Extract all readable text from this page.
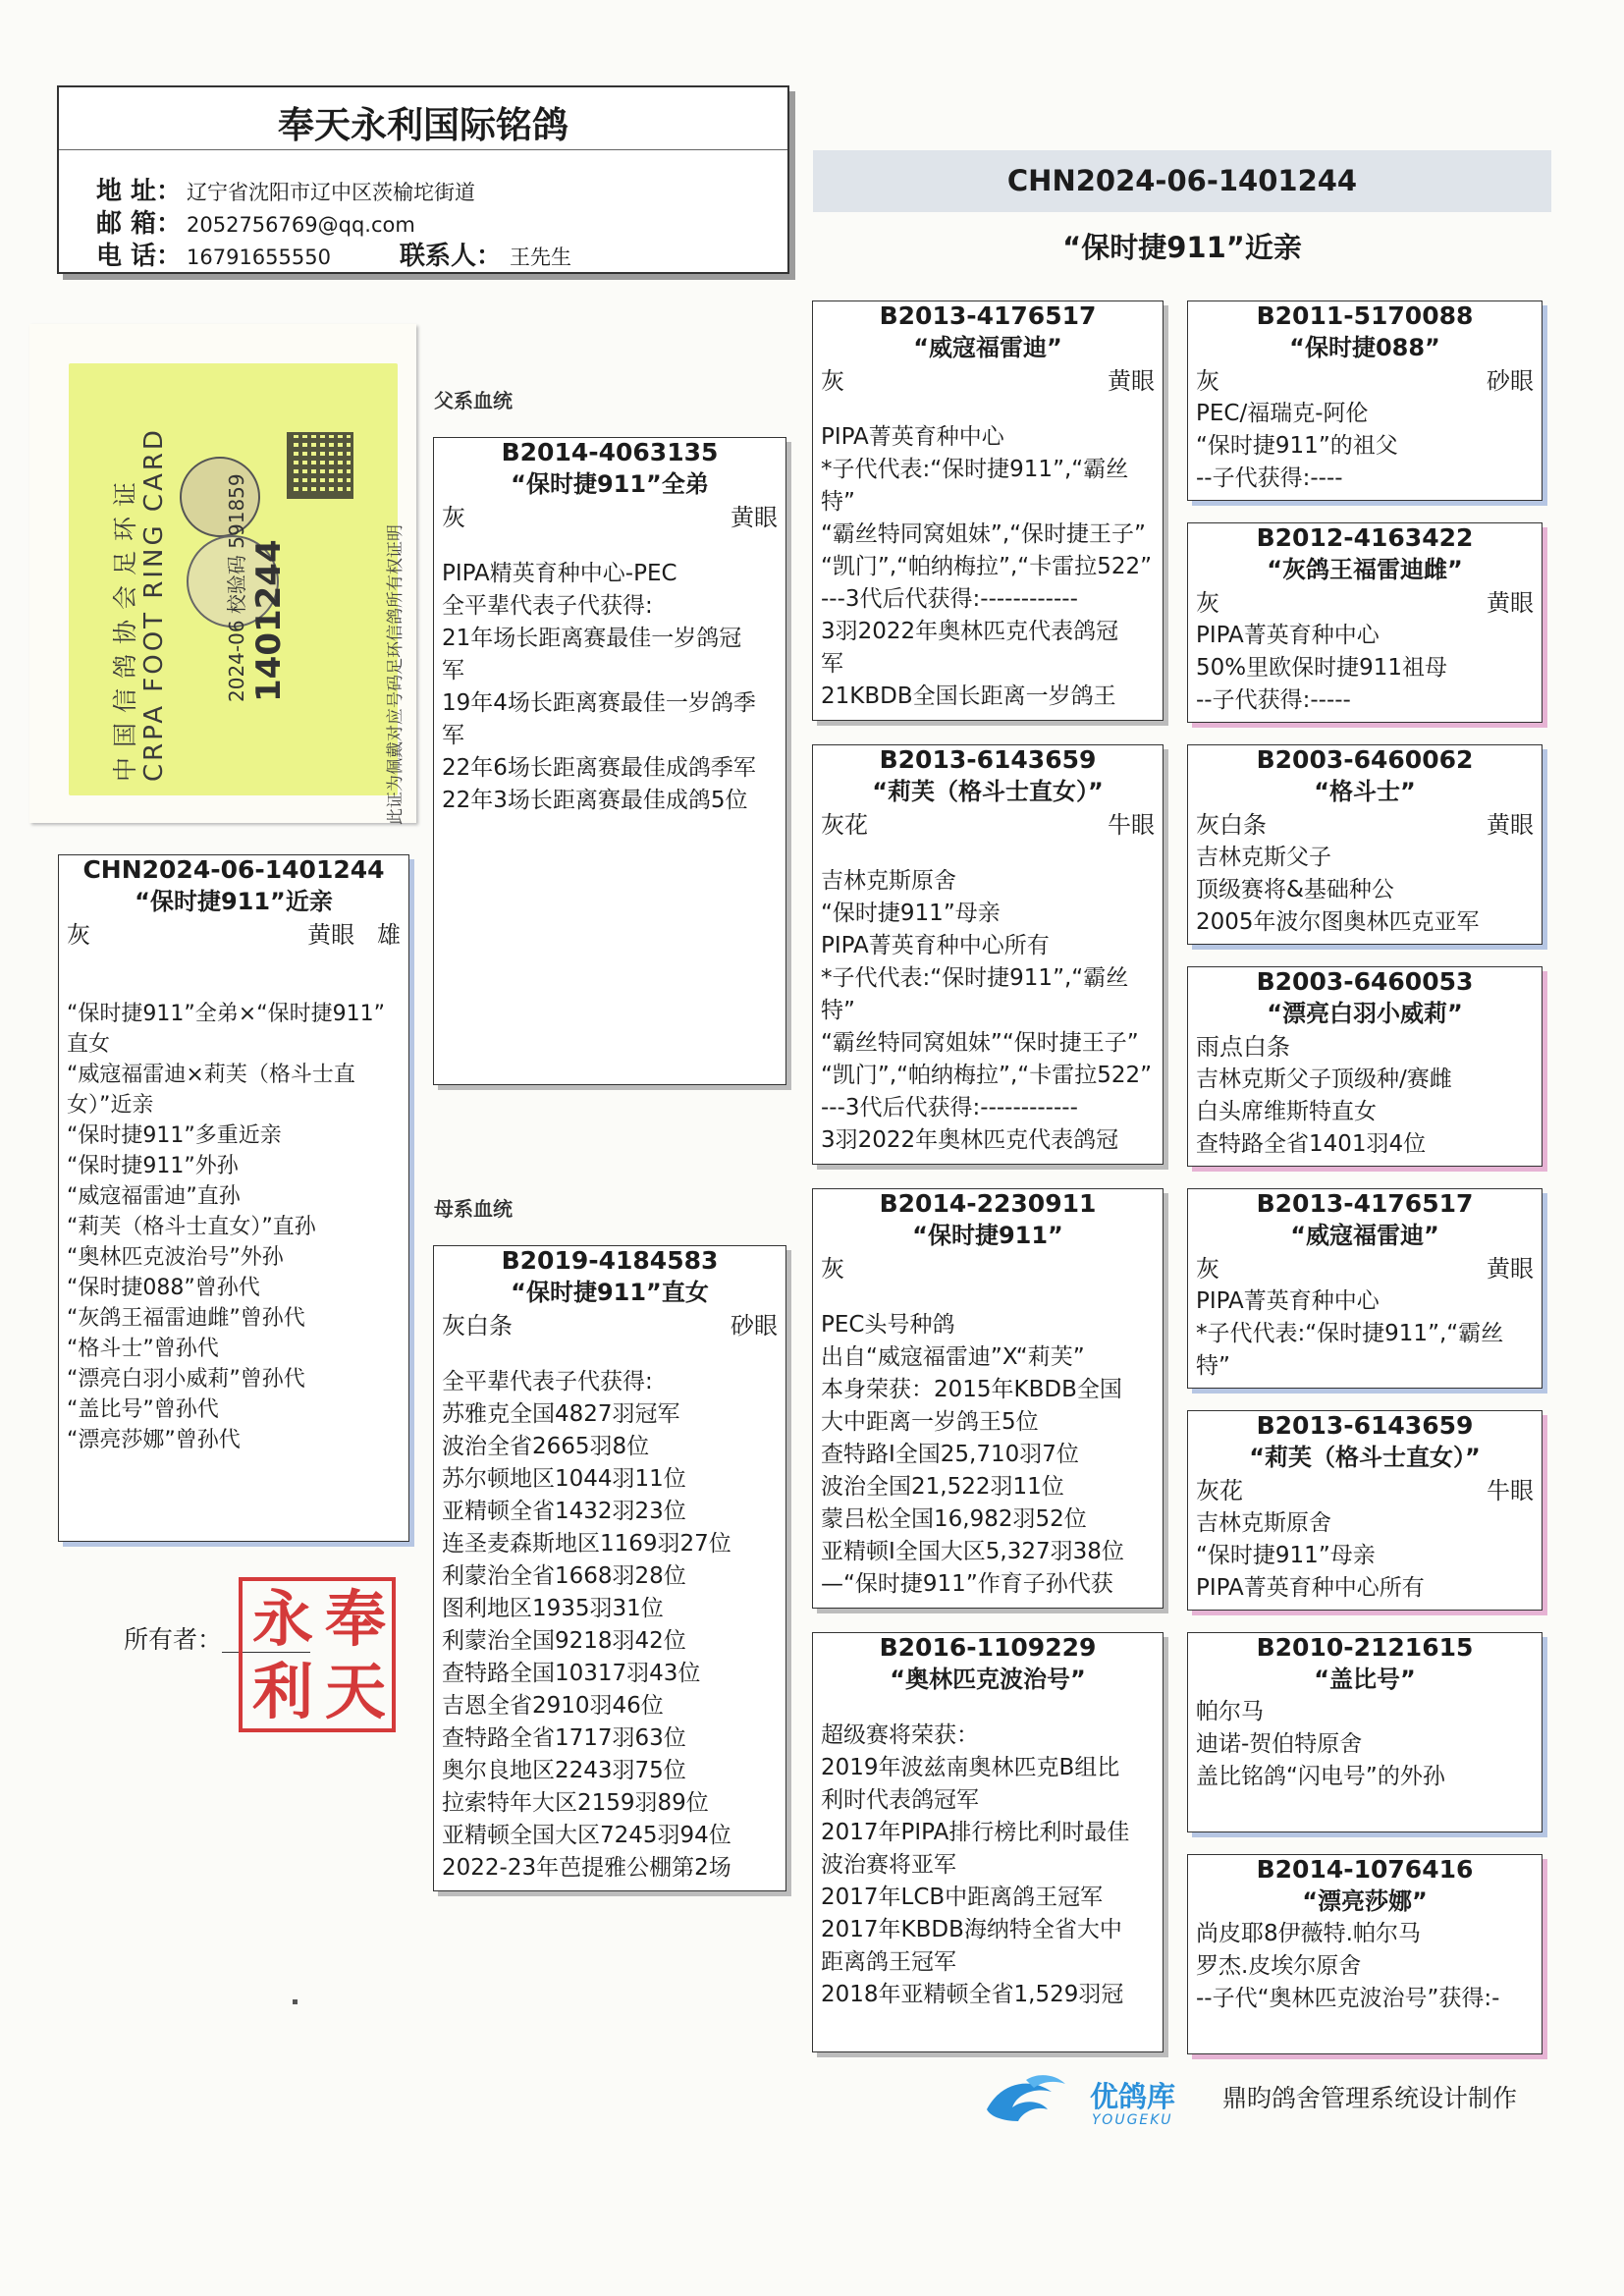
奉天永利国际铭鸽
地 址： 辽宁省沈阳市辽中区茨榆坨街道
邮 箱： 2052756769@qq.com
电 话： 16791655550	联系人： 王先生
CHN2024-06-1401244
“保时捷911”近亲
中国信鸽协会足环证 CRPA FOOT RING CARD	2024-06 校验码 591859 1401244	此证为佩戴对应号码足环信鸽所有权证明
父系血统
母系血统
CHN2024-06-1401244
“保时捷911”近亲
灰	黄眼 雄
“保时捷911”全弟×“保时捷911”
直女
“威寇福雷迪×莉芙（格斗士直
女）”近亲
“保时捷911”多重近亲
“保时捷911”外孙
“威寇福雷迪”直孙
“莉芙（格斗士直女）”直孙
“奥林匹克波治号”外孙
“保时捷088”曾孙代
“灰鸽王福雷迪雌”曾孙代
“格斗士”曾孙代
“漂亮白羽小威莉”曾孙代
“盖比号”曾孙代
“漂亮莎娜”曾孙代
B2014-4063135
“保时捷911”全弟
灰	黄眼
PIPA精英育种中心-PEC
全平辈代表子代获得:
21年场长距离赛最佳一岁鸽冠
军
19年4场长距离赛最佳一岁鸽季
军
22年6场长距离赛最佳成鸽季军
22年3场长距离赛最佳成鸽5位
B2019-4184583
“保时捷911”直女
灰白条	砂眼
全平辈代表子代获得:
苏雅克全国4827羽冠军
波治全省2665羽8位
苏尔顿地区1044羽11位
亚精顿全省1432羽23位
连圣麦森斯地区1169羽27位
利蒙治全省1668羽28位
图利地区1935羽31位
利蒙治全国9218羽42位
查特路全国10317羽43位
吉恩全省2910羽46位
查特路全省1717羽63位
奥尔良地区2243羽75位
拉索特年大区2159羽89位
亚精顿全国大区7245羽94位
2022-23年芭提雅公棚第2场
B2013-4176517
“威寇福雷迪”
灰	黄眼
PIPA菁英育种中心
*子代代表:“保时捷911”,“霸丝
特”
“霸丝特同窝姐妹”,“保时捷王子”
“凯门”,“帕纳梅拉”,“卡雷拉522”
---3代后代获得:------------
3羽2022年奥林匹克代表鸽冠
军
21KBDB全国长距离一岁鸽王
B2013-6143659
“莉芙（格斗士直女）”
灰花	牛眼
吉林克斯原舍
“保时捷911”母亲
PIPA菁英育种中心所有
*子代代表:“保时捷911”,“霸丝
特”
“霸丝特同窝姐妹”“保时捷王子”
“凯门”,“帕纳梅拉”,“卡雷拉522”
---3代后代获得:------------
3羽2022年奥林匹克代表鸽冠
B2014-2230911
“保时捷911”
灰
PEC头号种鸽
出自“威寇福雷迪”X“莉芙”
本身荣获：2015年KBDB全国
大中距离一岁鸽王5位
查特路I全国25,710羽7位
波治全国21,522羽11位
蒙吕松全国16,982羽52位
亚精顿I全国大区5,327羽38位
—“保时捷911”作育子孙代获
B2016-1109229
“奥林匹克波治号”
超级赛将荣获：
2019年波兹南奥林匹克B组比
利时代表鸽冠军
2017年PIPA排行榜比利时最佳
波治赛将亚军
2017年LCB中距离鸽王冠军
2017年KBDB海纳特全省大中
距离鸽王冠军
2018年亚精顿全省1,529羽冠
B2011-5170088
“保时捷088”
灰	砂眼
PEC/福瑞克-阿伦
“保时捷911”的祖父
--子代获得:----
B2012-4163422
“灰鸽王福雷迪雌”
灰	黄眼
PIPA菁英育种中心
50%里欧保时捷911祖母
--子代获得:-----
B2003-6460062
“格斗士”
灰白条	黄眼
吉林克斯父子
顶级赛将&基础种公
2005年波尔图奥林匹克亚军
B2003-6460053
“漂亮白羽小威莉”
雨点白条
吉林克斯父子顶级种/赛雌
白头席维斯特直女
查特路全省1401羽4位
B2013-4176517
“威寇福雷迪”
灰	黄眼
PIPA菁英育种中心
*子代代表:“保时捷911”,“霸丝
特”
B2013-6143659
“莉芙（格斗士直女）”
灰花	牛眼
吉林克斯原舍
“保时捷911”母亲
PIPA菁英育种中心所有
B2010-2121615
“盖比号”
帕尔马
迪诺-贺伯特原舍
盖比铭鸽“闪电号”的外孙
B2014-1076416
“漂亮莎娜”
尚皮耶8伊薇特.帕尔马
罗杰.皮埃尔原舍
--子代“奥林匹克波治号”获得:-
所有者： 奉
天
永
利
优鸽库
YOUGEKU
鼎昀鸽舍管理系统设计制作
